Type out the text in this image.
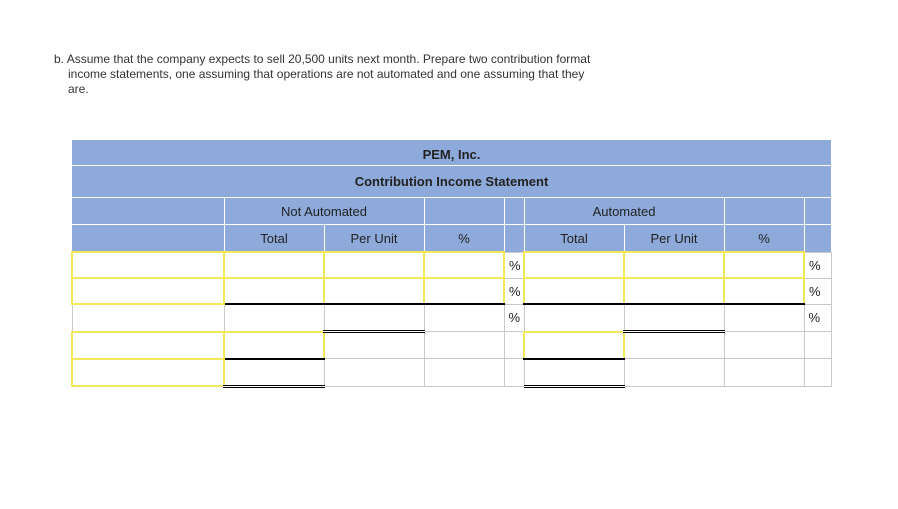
b. Assume that the company expects to sell 20,500 units next month. Prepare two contribution format
income statements, one assuming that operations are not automated and one assuming that they
are.
PEM, Inc.								
Contribution Income Statement								
	Not Automated				Automated			
	Total	Per Unit	%		Total	Per Unit	%	
				%				%
				%				%
				%				%
